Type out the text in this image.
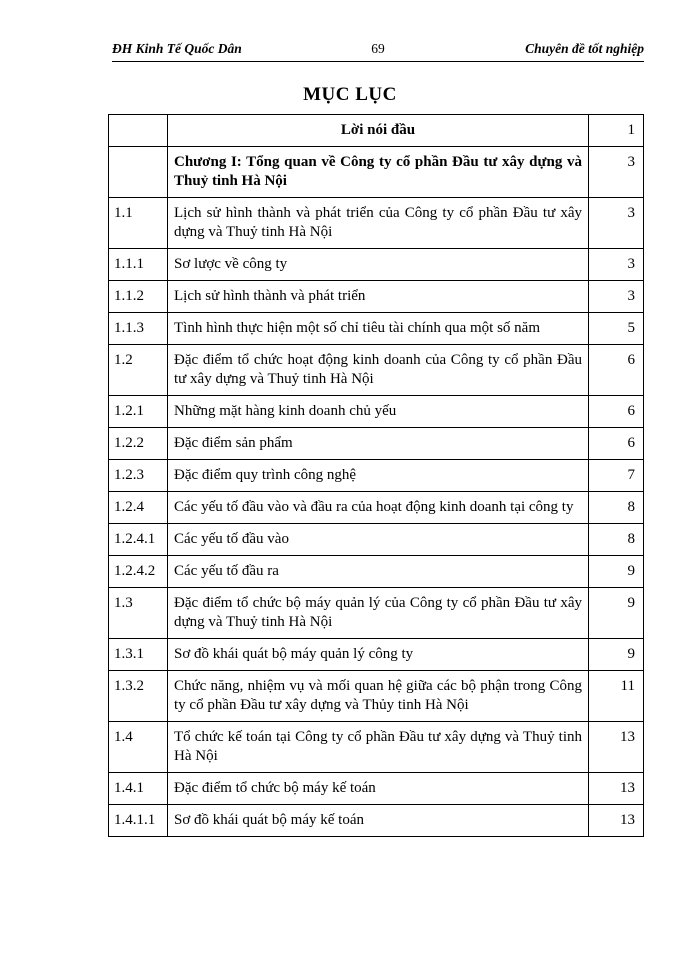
ĐH Kinh Tế Quốc Dân	69	Chuyên đề tốt nghiệp
MỤC LỤC
	Lời nói đầu	1
	Chương I: Tổng quan về Công ty cổ phần Đầu tư xây dựng và Thuỷ tinh Hà Nội	3
1.1	Lịch sử hình thành và phát triển của Công ty cổ phần Đầu tư xây dựng và Thuỷ tinh Hà Nội	3
1.1.1	Sơ lược về công ty	3
1.1.2	Lịch sử hình thành và phát triển	3
1.1.3	Tình hình thực hiện một số chỉ tiêu tài chính qua một số năm	5
1.2	Đặc điểm tổ chức hoạt động kinh doanh của Công ty cổ phần Đầu tư xây dựng và Thuỷ tinh Hà Nội	6
1.2.1	Những mặt hàng kinh doanh chủ yếu	6
1.2.2	Đặc điểm sản phẩm	6
1.2.3	Đặc điểm quy trình công nghệ	7
1.2.4	Các yếu tố đầu vào và đầu ra của hoạt động kinh doanh tại công ty	8
1.2.4.1	Các yếu tố đầu vào	8
1.2.4.2	Các yếu tố đầu ra	9
1.3	Đặc điểm tổ chức bộ máy quản lý của Công ty cổ phần Đầu tư xây dựng và Thuỷ tinh Hà Nội	9
1.3.1	Sơ đồ khái quát bộ máy quản lý công ty	9
1.3.2	Chức năng, nhiệm vụ và mối quan hệ giữa các bộ phận trong Công ty cổ phần Đầu tư xây dựng và Thủy tinh Hà Nội	11
1.4	Tổ chức kế toán tại Công ty cổ phần Đầu tư xây dựng và Thuỷ tinh Hà Nội	13
1.4.1	Đặc điểm tổ chức bộ máy kế toán	13
1.4.1.1	Sơ đồ khái quát bộ máy kế toán	13
